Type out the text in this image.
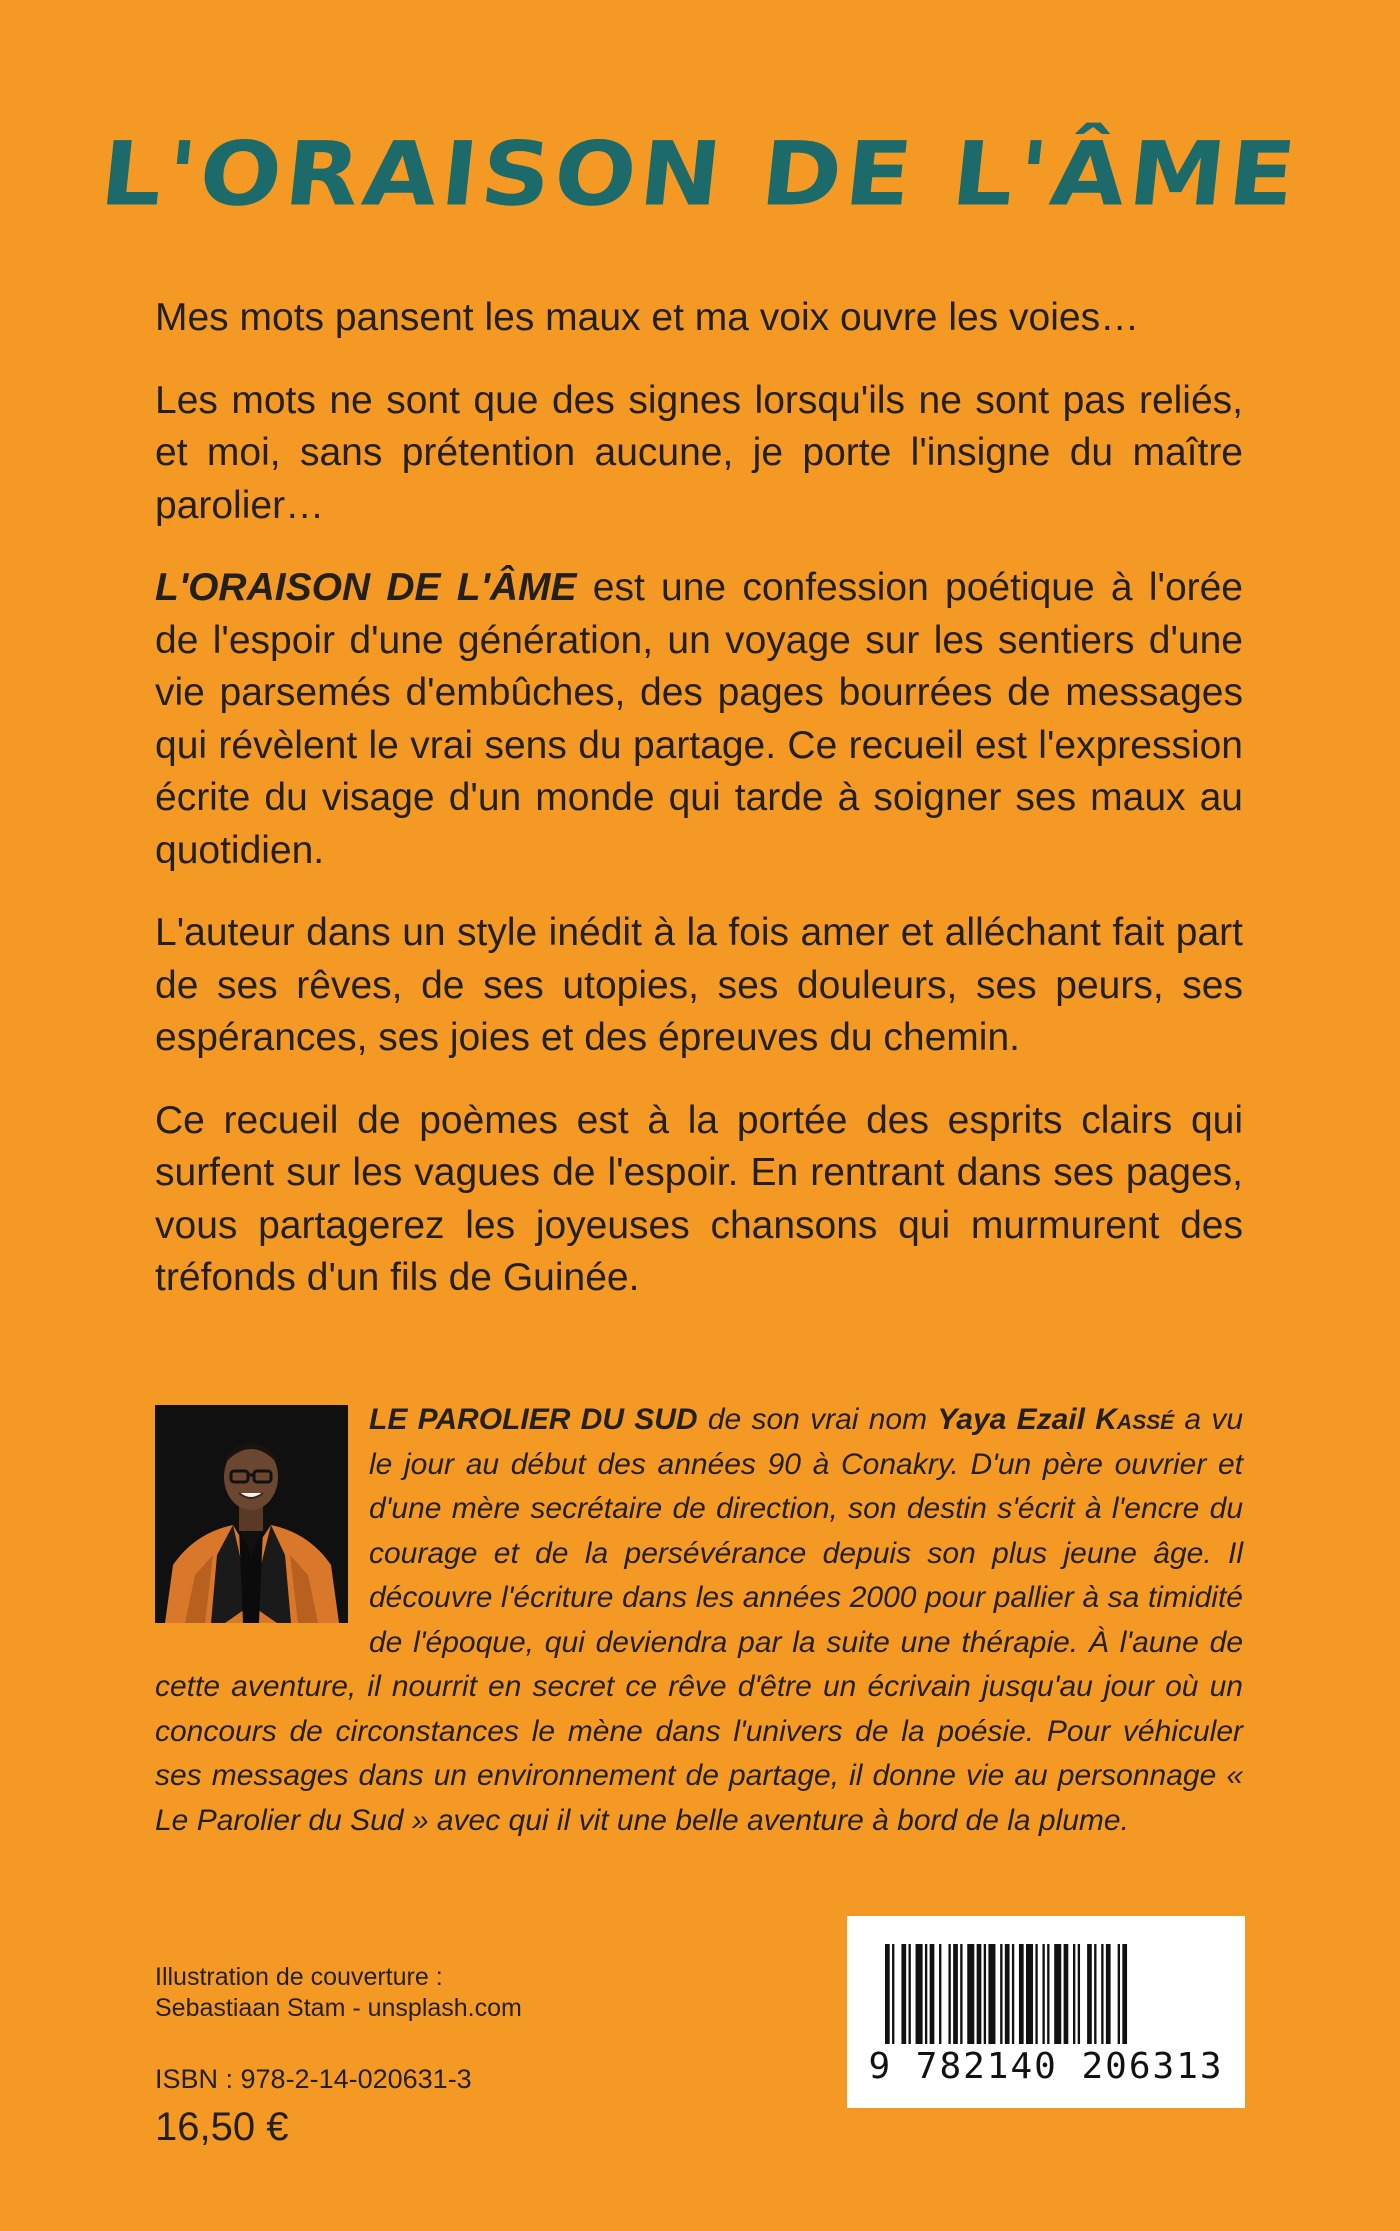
L'ORAISON DE L'ÂME

Mes mots pansent les maux et ma voix ouvre les voies…

Les mots ne sont que des signes lorsqu'ils ne sont pas reliés, et moi, sans prétention aucune, je porte l'insigne du maître parolier…

L'ORAISON DE L'ÂME est une confession poétique à l'orée de l'espoir d'une génération, un voyage sur les sentiers d'une vie parsemés d'embûches, des pages bourrées de messages qui révèlent le vrai sens du partage. Ce recueil est l'expression écrite du visage d'un monde qui tarde à soigner ses maux au quotidien.

L'auteur dans un style inédit à la fois amer et alléchant fait part de ses rêves, de ses utopies, ses douleurs, ses peurs, ses espérances, ses joies et des épreuves du chemin.

Ce recueil de poèmes est à la portée des esprits clairs qui surfent sur les vagues de l'espoir. En rentrant dans ses pages, vous partagerez les joyeuses chansons qui murmurent des tréfonds d'un fils de Guinée.

LE PAROLIER DU SUD de son vrai nom Yaya Ezail Kassé a vu le jour au début des années 90 à Conakry. D'un père ouvrier et d'une mère secrétaire de direction, son destin s'écrit à l'encre du courage et de la persévérance depuis son plus jeune âge. Il découvre l'écriture dans les années 2000 pour pallier à sa timidité de l'époque, qui deviendra par la suite une thérapie. À l'aune de cette aventure, il nourrit en secret ce rêve d'être un écrivain jusqu'au jour où un concours de circonstances le mène dans l'univers de la poésie. Pour véhiculer ses messages dans un environnement de partage, il donne vie au personnage « Le Parolier du Sud » avec qui il vit une belle aventure à bord de la plume.
Illustration de couverture :
Sebastiaan Stam - unsplash.com
ISBN : 978-2-14-020631-3
16,50 €
9 782140 206313
